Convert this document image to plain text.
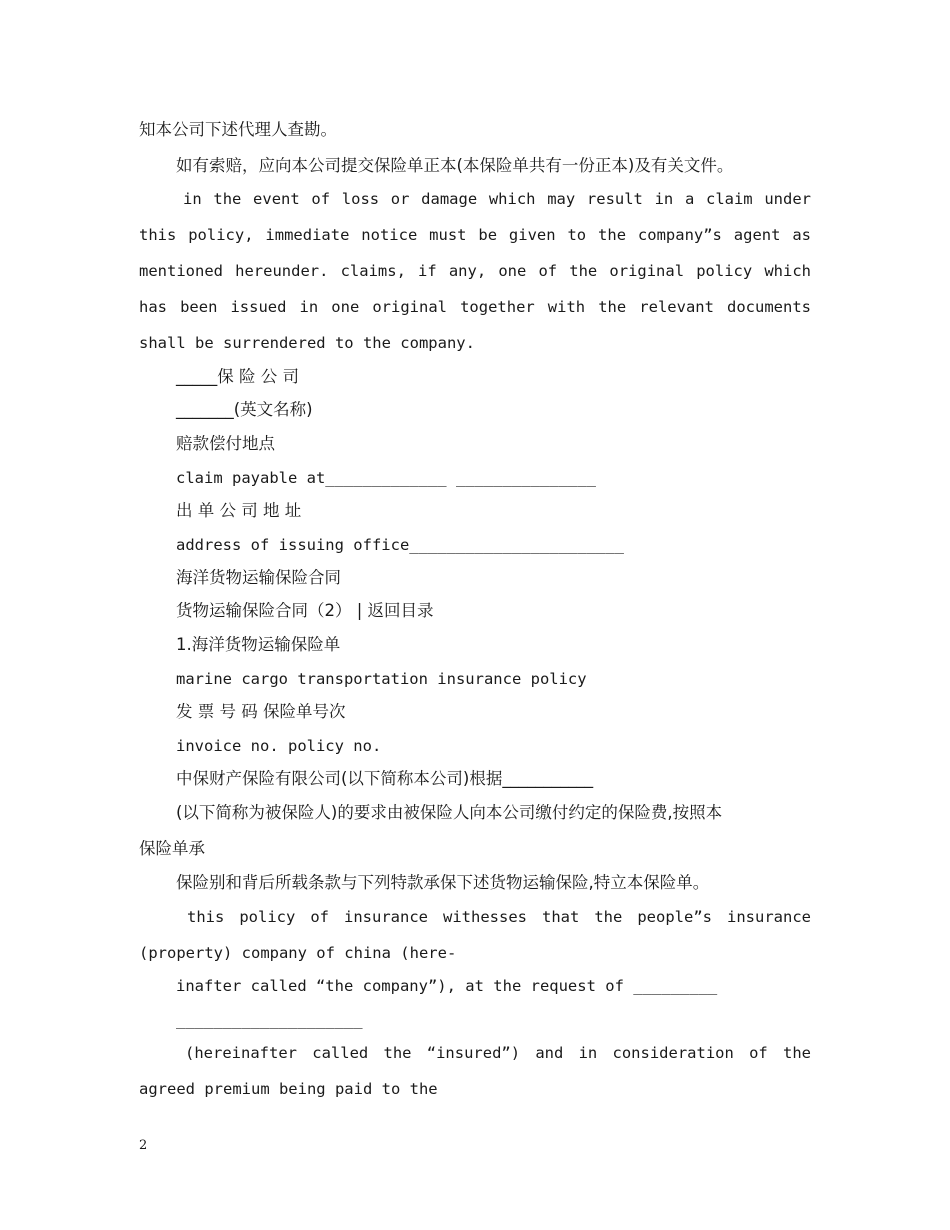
知本公司下述代理人查勘。
如有索赔，应向本公司提交保险单正本(本保险单共有一份正本)及有关文件。
in the event of loss or damage which may result in a claim under
this policy, immediate notice must be given to the company”s agent as
mentioned hereunder. claims, if any, one of the original policy which
has been issued in one original together with the relevant documents
shall be surrendered to the company.
_____保 险 公 司
_______(英文名称)
赔款偿付地点
claim payable at_____________ _______________
出 单 公 司 地 址
address of issuing office_______________________
海洋货物运输保险合同
货物运输保险合同（2） | 返回目录
1.海洋货物运输保险单
marine cargo transportation insurance policy
发 票 号 码 保险单号次
invoice no. policy no.
中保财产保险有限公司(以下简称本公司)根据___________
(以下简称为被保险人)的要求由被保险人向本公司缴付约定的保险费,按照本
保险单承
保险别和背后所载条款与下列特款承保下述货物运输保险,特立本保险单。
this policy of insurance withesses that the people”s insurance
(property) company of china (here-
inafter called “the company”), at the request of _________
____________________
(hereinafter called the “insured”) and in consideration of the
agreed premium being paid to the
2
